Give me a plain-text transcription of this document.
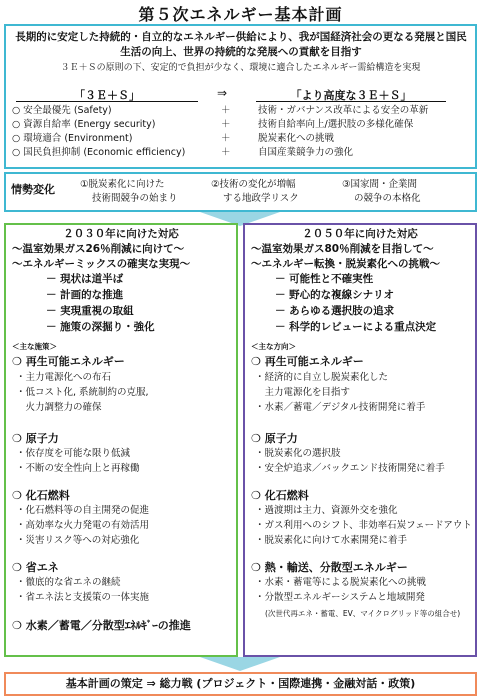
第５次エネルギー基本計画
長期的に安定した持続的・自立的なエネルギー供給により、我が国経済社会の更なる発展と国民生活の向上、世界の持続的な発展への貢献を目指す
３Ｅ＋Ｓの原則の下、安定的で負担が少なく、環境に適合したエネルギー需給構造を実現
「３Ｅ＋Ｓ」	⇒	「より高度な３Ｅ＋Ｓ」
○ 安全最優先 (Safety)	＋	技術・ガバナンス改革による安全の革新
○ 資源自給率 (Energy security)	＋	技術自給率向上/選択肢の多様化確保
○ 環境適合 (Environment)	＋	脱炭素化への挑戦
○ 国民負担抑制 (Economic efficiency)	＋	自国産業競争力の強化
情勢変化	①脱炭素化に向けた
技術間競争の始まり
②技術の変化が増幅
する地政学リスク
③国家間・企業間
の競争の本格化
２０３０年に向けた対応
～温室効果ガス26％削減に向けて～
～エネルギーミックスの確実な実現～
－ 現状は道半ば
－ 計画的な推進
－ 実現重視の取組
－ 施策の深掘り・強化
＜主な施策＞
❍ 再生可能エネルギー
・主力電源化への布石
・低コスト化, 系統制約の克服,
　火力調整力の確保
❍ 原子力
・依存度を可能な限り低減
・不断の安全性向上と再稼働
❍ 化石燃料
・化石燃料等の自主開発の促進
・高効率な火力発電の有効活用
・災害リスク等への対応強化
❍ 省エネ
・徹底的な省エネの継続
・省エネ法と支援策の一体実施
❍ 水素／蓄電／分散型ｴﾈﾙｷﾞｰの推進
２０５０年に向けた対応
～温室効果ガス80％削減を目指して～
～エネルギー転換・脱炭素化への挑戦～
－ 可能性と不確実性
－ 野心的な複線シナリオ
－ あらゆる選択肢の追求
－ 科学的レビューによる重点決定
＜主な方向＞
❍ 再生可能エネルギー
・経済的に自立し脱炭素化した
　主力電源化を目指す
・水素／蓄電／デジタル技術開発に着手
❍ 原子力
・脱炭素化の選択肢
・安全炉追求／バックエンド技術開発に着手
❍ 化石燃料
・過渡期は主力、資源外交を強化
・ガス利用へのシフト、非効率石炭フェードアウト
・脱炭素化に向けて水素開発に着手
❍ 熱・輸送、分散型エネルギー
・水素・蓄電等による脱炭素化への挑戦
・分散型エネルギーシステムと地域開発
(次世代再エネ・蓄電、EV、マイクログリッド等の組合せ)
基本計画の策定 ⇒ 総力戦 (プロジェクト・国際連携・金融対話・政策)
